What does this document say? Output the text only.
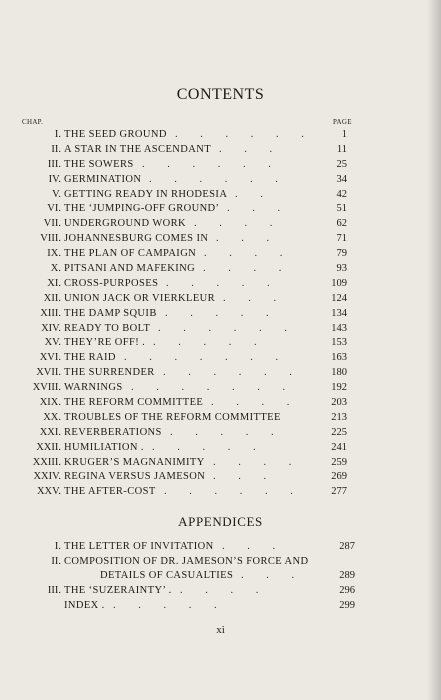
CONTENTS
CHAP.	PAGE
I. THE SEED GROUND . . . . . .	1
II. A STAR IN THE ASCENDANT . . .	11
III. THE SOWERS . . . . . .	25
IV. GERMINATION . . . . . .	34
V. GETTING READY IN RHODESIA . .	42
VI. THE ‘JUMPING-OFF GROUND’ . . .	51
VII. UNDERGROUND WORK . . . .	62
VIII. JOHANNESBURG COMES IN . . .	71
IX. THE PLAN OF CAMPAIGN . . . .	79
X. PITSANI AND MAFEKING . . . .	93
XI. CROSS-PURPOSES . . . . .	109
XII. UNION JACK OR VIERKLEUR . . .	124
XIII. THE DAMP SQUIB . . . . .	134
XIV. READY TO BOLT . . . . . .	143
XV. THEY’RE OFF! . . . . . .	153
XVI. THE RAID . . . . . . .	163
XVII. THE SURRENDER . . . . . .	180
XVIII. WARNINGS . . . . . . .	192
XIX. THE REFORM COMMITTEE . . . .	203
XX. TROUBLES OF THE REFORM COMMITTEE	213
XXI. REVERBERATIONS . . . . .	225
XXII. HUMILIATION . . . . . .	241
XXIII. KRUGER’S MAGNANIMITY . . . .	259
XXIV. REGINA VERSUS JAMESON . . .	269
XXV. THE AFTER-COST . . . . . .	277
APPENDICES
I. THE LETTER OF INVITATION . . .	287
II. COMPOSITION OF DR. JAMESON’S FORCE AND
DETAILS OF CASUALTIES . . .	289
III. THE ‘SUZERAINTY’ . . . . .	296
INDEX . . . . . .	299
xi
